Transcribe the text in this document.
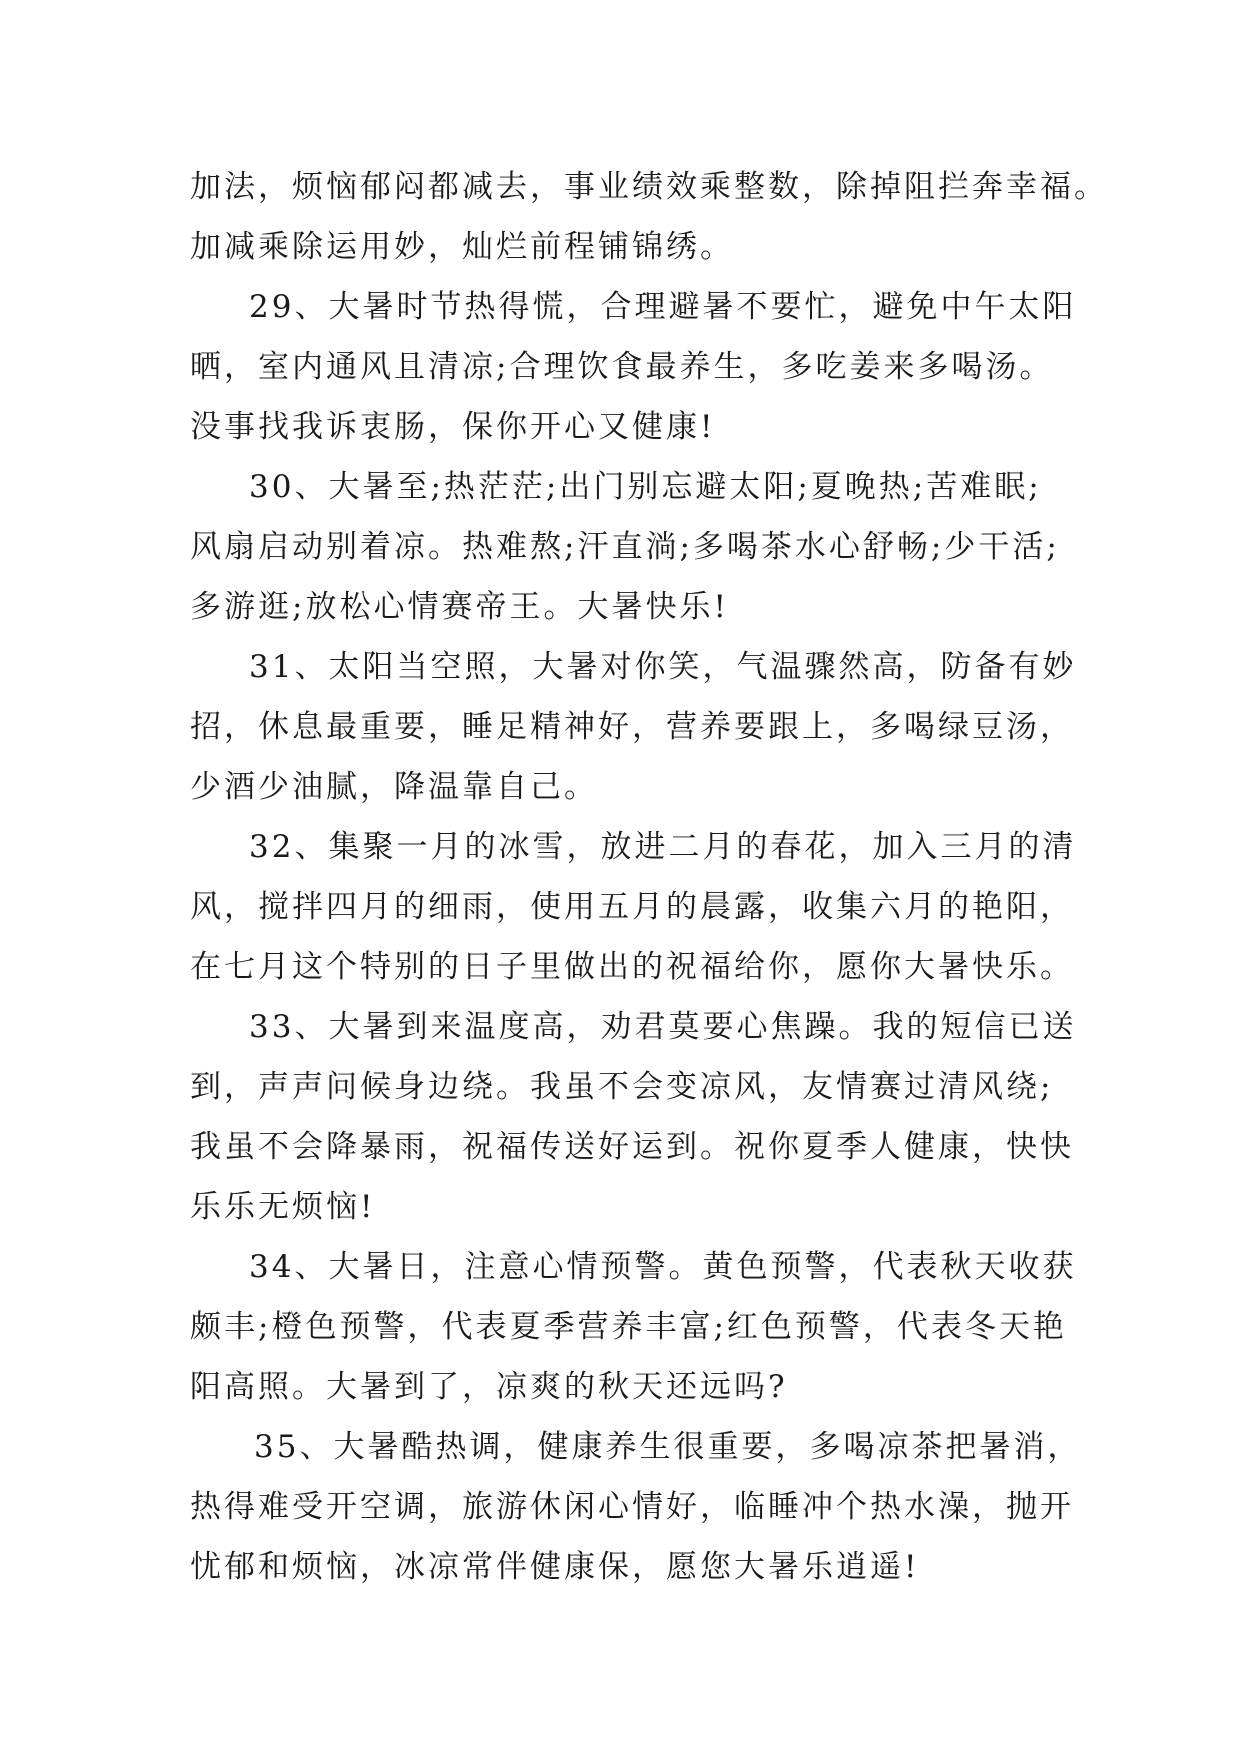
加法，烦恼郁闷都减去，事业绩效乘整数，除掉阻拦奔幸福。
加减乘除运用妙，灿烂前程铺锦绣。
29、大暑时节热得慌，合理避暑不要忙，避免中午太阳
晒，室内通风且清凉;合理饮食最养生，多吃姜来多喝汤。
没事找我诉衷肠，保你开心又健康!
30、大暑至;热茫茫;出门别忘避太阳;夏晚热;苦难眠;
风扇启动别着凉。热难熬;汗直淌;多喝茶水心舒畅;少干活;
多游逛;放松心情赛帝王。大暑快乐!
31、太阳当空照，大暑对你笑，气温骤然高，防备有妙
招，休息最重要，睡足精神好，营养要跟上，多喝绿豆汤，
少酒少油腻，降温靠自己。
32、集聚一月的冰雪，放进二月的春花，加入三月的清
风，搅拌四月的细雨，使用五月的晨露，收集六月的艳阳，
在七月这个特别的日子里做出的祝福给你，愿你大暑快乐。
33、大暑到来温度高，劝君莫要心焦躁。我的短信已送
到，声声问候身边绕。我虽不会变凉风，友情赛过清风绕;
我虽不会降暴雨，祝福传送好运到。祝你夏季人健康，快快
乐乐无烦恼!
34、大暑日，注意心情预警。黄色预警，代表秋天收获
颇丰;橙色预警，代表夏季营养丰富;红色预警，代表冬天艳
阳高照。大暑到了，凉爽的秋天还远吗?
35、大暑酷热调，健康养生很重要，多喝凉茶把暑消，
热得难受开空调，旅游休闲心情好，临睡冲个热水澡，抛开
忧郁和烦恼，冰凉常伴健康保，愿您大暑乐逍遥!
